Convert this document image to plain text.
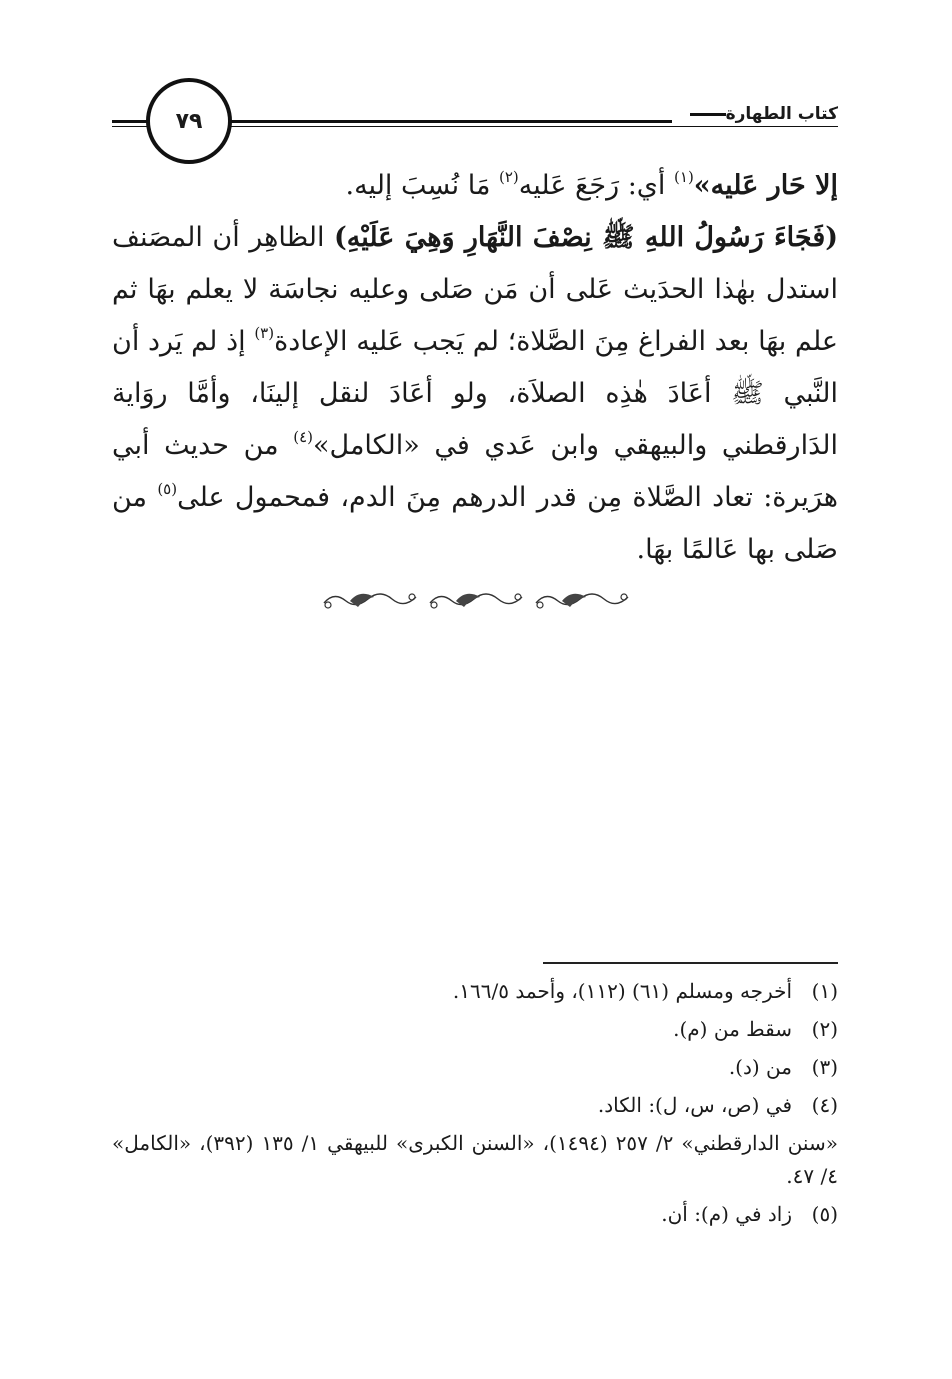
كتاب الطهارة
٧٩

إلا حَار عَليه»$^{(١)}$ أي: رَجَعَ عَليه$^{(٢)}$ مَا نُسِبَ إليه.

(فَجَاءَ رَسُولُ اللهِ ﷺ نِصْفَ النَّهَارِ وَهِيَ عَلَيْهِ) الظاهِر أن المصَنف استدل بهٰذا الحدَيث عَلى أن مَن صَلى وعليه نجاسَة لا يعلم بهَا ثم علم بهَا بعد الفراغ مِنَ الصَّلاة؛ لم يَجب عَليه الإعادة$^{(٣)}$ إذ لم يَرد أن النَّبي ﷺ أعَادَ هٰذِه الصلاَة، ولو أعَادَ لنقل إلينَا، وأمَّا روَاية الدَارقطني والبيهقي وابن عَدي في «الكامل»$^{(٤)}$ من حديث أبي هرَيرة: تعاد الصَّلاة مِن قدر الدرهم مِنَ الدم، فمحمول على$^{(٥)}$ من صَلى بها عَالمًا بهَا.

(١)
أخرجه ومسلم (٦١) (١١٢)، وأحمد ١٦٦/٥.
(٢)
سقط من (م).
(٣)
من (د).
(٤)
في (ص، س، ل): الكاد.
«سنن الدارقطني» ٢/ ٢٥٧ (١٤٩٤)، «السنن الكبرى» للبيهقي ١/ ١٣٥ (٣٩٢)، «الكامل» ٤/ ٤٧.
(٥)
زاد في (م): أن.
